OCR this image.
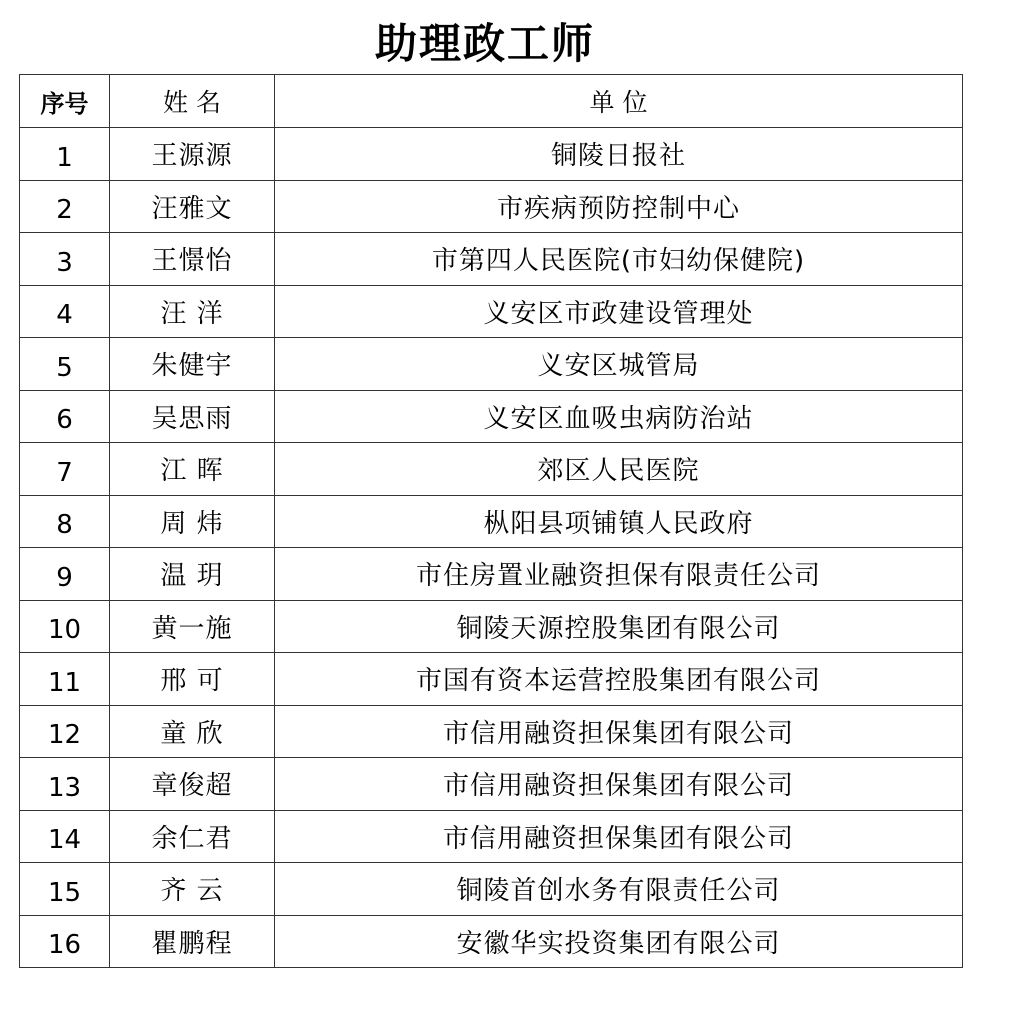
助理政工师
序号	姓 名	单 位
1	王源源	铜陵日报社
2	汪雅文	市疾病预防控制中心
3	王憬怡	市第四人民医院(市妇幼保健院)
4	汪 洋	义安区市政建设管理处
5	朱健宇	义安区城管局
6	吴思雨	义安区血吸虫病防治站
7	江 晖	郊区人民医院
8	周 炜	枞阳县项铺镇人民政府
9	温 玥	市住房置业融资担保有限责任公司
10	黄一施	铜陵天源控股集团有限公司
11	邢 可	市国有资本运营控股集团有限公司
12	童 欣	市信用融资担保集团有限公司
13	章俊超	市信用融资担保集团有限公司
14	余仁君	市信用融资担保集团有限公司
15	齐 云	铜陵首创水务有限责任公司
16	瞿鹏程	安徽华实投资集团有限公司
